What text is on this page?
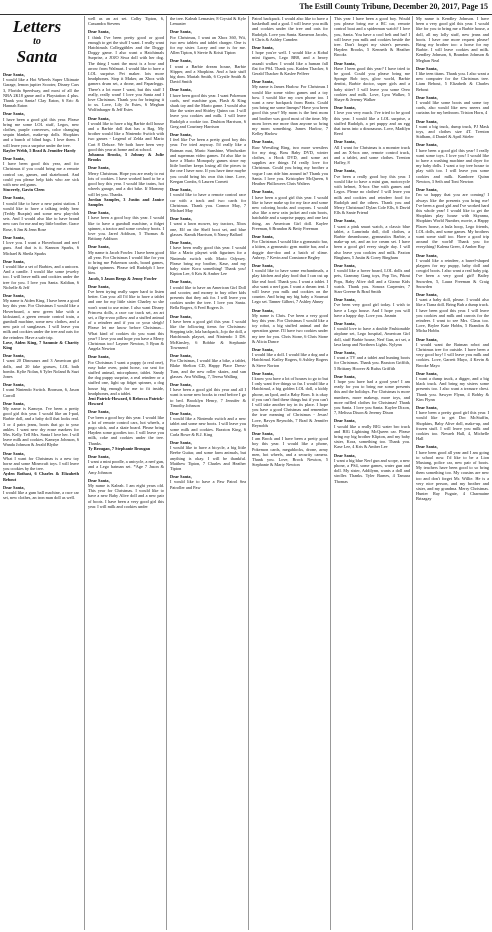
The Estill County Tribune, December 20, 2017, Page 15
Letters
to
Santa
Dear Santa,
I would like a Hot Wheels Super Ultimate Garage, lemon jupiter Scooter, Disney Cars 3, Florida Speedway, and most of all the NBA 2K18 game and a Playstation 4 plus. Thank you Santa! Clay Eaton, 6 Eric & Hannah Eaton
Dear Santa,
I have been a good girl this year. Please bring me some LOL stuff, Legos, new clothes, purple converses, color changing sequin blanket, make-up dolls. Shopkins and a bunch of blind bags. I love them. I will leave you a surprise under the tree.
Raylee Webb, 5 Brad & Jennifer Hardy
Dear Santa,
I have been good this year, and for Christmas if you could bring me a remote control car, games, and skateboard. And could you please help kids who are sick with new red gums.
Sincerely, Gavin Cleen
Dear Santa,
I would like to have a new paint station. I would like to have a talking teddy bear (Teddy Ruxpin) and some new play-doh sets. And I would also like to have brand new cars for me and my little brother. Grace Rose, 6 Jim & Jenn Rose
Dear Santa,
I love you. I want a Hoverboard and nerf guns. And that is it. Kannon Sparks, 6 Michael & Sheila Sparks
Dear Santa,
I would like a set of Barbies, and a unicorn. And a candle. I would like some jewelry too. I will leave milk and cookies under the tree for you. I love you Santa. Kaldian, 6 Nichelle & Jeff
Dear Santa,
My name is Aiden King. I have been a good boy this year. For Christmas I would like a Hoverboard, a new green bike with a kickstand, a green remote control train, a gumball machine, some new clothes, and a new pair of sunglasses. I will leave you milk and cookies under the tree and oats for the reindeer. Have a safe trip.
Love, Aiden King, 7 Sammie & Charity King
Dear Santa,
I want 20 Dinosaurs and 3 American girl dolls, and 20 fake grasses, LOL bath bombs. Kylie Nolan, 6 Tyler Noland & Suzi Jones
Dear Santa,
I want Nintendo Switch. Bronson, 6, Jason Carroll
Dear Santa,
My name is Kamryn. I've been a pretty good girl this year. I would like an I-pad, Barbie doll, and a baby doll that looks real. 3 or 4 pairs jeans, boots that go to your ankles. I want new dry erase markers for Mrs. Kelly. Tell Mrs. Santa I love her. I will leave milk and cookies. Kamryn Johnson, 6 Wanda Johnson & Jerald Blythe
Dear Santa,
What I want for Christmas is a new toy horse and some Minecraft toys. I will leave you cookies by the tree.
Ayden Bothast, 6 Charles & Elizabeth Bebout
Dear Santa,
I would like a gum ball machine, a race car set, new clothes, an iron man doll as well.
well as an art set. Colby Tipton, 6, Cassandra Stevens
Dear Santa,
I think I've been pretty good or good enough to get the stuff I want. I really want Hatchimals Colleggtibles and the Doggy Doggy game. I also want a Hatchimals Surprise, a JOJO Siwa doll with her dog. The thing I want the most is a bow and arrow from Walmart. I would like to have a LOL surprise. Pet maker. lots more headphones. Stop it Maker, an Xbox with gamers drum set, a drone, and Paparleggs. There's a lot more I want, but this stuff I really, really want! I love you Santa and I love Christmas. Thank you for bringing it to us. Love, Lily Jo Estes, 6 Meghan Wolfinbarger & Jeff Estes
Dear Santa,
I would like to have a big Barbie doll house and a Barbie doll that has a Bag. My brother would like a Nintendo Switch with two games - Legend of Zelda and Mario Cart 8 Deluxe. We both have been very good this year at home and at school.
Johanna Brooks, 5 Johnny & Julie Brooks
Dear Santa,
Merry Christmas. Hope you are ready to eat lots of cookies. I have worked hard to be a good boy this year. I would like trains, hot wheels garage, and a dirt bike. If Mommy will let you. Thanks.
Jordan Samples, 3 Justin and Janice Samples
Dear Santa,
I have been a good boy this year. I would like to have a gumball machine, a fidget spinner, a tractor and some cowboy boots. I love you. Jared Addison, 5 Thomas & Brittany Addison
Dear Santa,
My name is Jacob Fowler. I have been good all year. For Christmas I would like for you to bring me Pokemon cards, board games, fidget spinners. Please tell Rudolph I love him.
Jacob, 5 Jason Beegs & Jenny Fowler
Dear Santa,
I've been trying really super hard to listen better. Can you: all I'd like to have a tablet and one for my little sister Charley so she won't want to use mine. I also want Disney Princess dolls, a race car track set, an art set, a flip-a-zoo pillow and a stuffed animal of a reindeer and if you or your sleigh! Please let me know before Christmas... What kind of cookies do you want this year? I love you and hope you have a Merry Christmas too! Laynee Newton, 5 Ryan & Angela Newton
Dear Santa,
For Christmas I want a puppy (a real one), easy bake oven, paint horse, car seat for stuffed animal, microphone, tablet. Sandy the dog puppy surprise, a real reindeer or a stuffed one, light up fidget spinner, a dog house big enough for me to fit inside, headphones, and a tablet.
Jeni Patrick-Howard, 6 Rebecca Patrick-Howard
Dear Santa,
I've been a good boy this year. I would like a lot of remote control cars, hot wheels, a pogo stick, and a skate board. Please bring Hayden some goodies too. I will leave you milk, coke and cookies under the tree. Thanks.
Ty Brougan, 7 Stephanie Brougan
Dear Santa,
I want a mini poodle, a unicycle, a nerf gun, and a Lego batman set. *Age 7 Jason & Amy Johnson
Dear Santa,
My name is Kaleah. I am eight years old. This year for Christmas. I would like to have a new Baby Alive doll and a new pair of boots. I have been a very good girl this year. I will milk and cookies under
the tree. Kaleah Lemaster, 8 Crystal & Kyle Lemaster
Dear Santa,
For Christmas, I want an Xbox 360, Wii, two new tablets and tablet charger. One is for my sister. Lacey and one is for me. Allen Tipton, 6 Stevie & Kristi Tipton
Dear Santa,
I want a Barbie dream house, Barbie Slipper, and a Shopkins. And a hair stuff big dom. Mariah Smith, 6 Crystle Smith & David Smith
Dear Santa,
I have been good this year. I want Pokemon cards, nerf machine gun, Flash & King shark toy and the Mario game. I would also like the water and Shirley Quinn car. I will leave you cookies and milk. I will leave Rudolph a cookie too. Dashton Harrison, 6 Greg and Courtney Harrison
Dear Santa,
I feel like I've been a pretty good boy this year. I've tried anyway. I'd really like a Batman mat, Mario Sunshine, Windwaker and superman video games. I'd also like to have a Mario Monopoly games since my little brother keeps losing all the pieces to the one I have now. If you have time maybe you could bring his own this time. Love, Keegan Combs, 6 Lauren Cornett
Dear Santa,
I would like to have a remote control race car with a track and two cards for Christmas. Thank you. Connor May, 7 Michael May
Dear Santa,
I want a lawn mower, toy tractors, Xbox one, Elf on the Shelf boot set, and blue glasses. Kamik Harrison, 6 Nancy Ballard
Dear Santa,
I have been really good this year. I would like a Mario playset with figurines for a Nintendo switch with Mario Odyssey. Please bring my brother, Kase, and my baby sister Kora something! Thank you! Kipton Lee, 6 Kris & Amber Lee
Dear Santa,
I would like to have an American Girl Doll and scooter, and money to buy other kids presents that they ask for. I will leave you cookies under the tree. I love you Santa. Bella Rogers, 6 Fred Rogers Jr.
Dear Santa,
I have been a good girl this year. I would like the following items for Christmas: Stepping tale, lola backpack, Jojo the doll, a Hatchimals playset, and Nintendo 3 DS. McKinsley, 6 Bobbie & Stephanie Townsend
Dear Santa,
For Christmas, I would like a bike, a tablet, Blake Shelton CD, Happy Place Dress-Turn, and the new roller skates, and sun glasses. Ava Walling, 7, Teresa Walling
Dear Santa,
I have been a good girl this year and all I want is some new books to read before I go to bed. Brooklyn Henry, 7 Jennifer & Timothy Johnson
Dear Santa,
I would like a Nintendo switch and a new tablet and some new boots. I will leave you some milk and cookies. Braxton King, 6 Carla Bowe & B.J. King
Dear Santa,
I would like to have a bicycle, a big little Beebe Guitar, and some farm animals, but anything is okay. I will be thankful. Matthew Tipton, 7 Charles and Heather Tipton
Dear Santa,
I would like to have a Paw Patrol Sea Patroller and Paw
Patrol backpack. I would also like to have a basketball and a goal. I will leave you milk and cookies under the tree and oats for Rudolph. Love you Santa. Kameron Jacobs, 6 Chris & Ashley Camden
Dear Santa,
I hope you're well. I would like a Kobal mini figures, Lego BB8, and a heavy assault walker. I would like a human fall flat for PS4. Thank you. Kaiden Thacker, 6 Gerald Thacker & Kaslee Pelfeer
Dear Santa,
My name is James Harlow. For Christmas I would like some video games and a toy bow. I would like my own phone too. I want a new backpack from Beats. Could you bring me some lineups? Have you been good this year? My mom is the best mom and brother was good most of the time. My mom loves me more than anyone so bring my mom something. James Harlow, 7 Kelley Harlow
Dear Santa,
Raw Wrestling Ring, two more wrestlers for my ring, Boss Baby DVD, winter clothes, a Hook DVD, and some art supplies are things I'd really love for Christmas. Could you bring my brother a vogue I can ride him around in? Thank you Santa. I love you. Kristopher McQueen, 6 Heather Phillowees Chris Walters
Dear Santa,
I have been a good girl this year. I would like to have make up for my face and some new coloring books and crayons. I would also like a new rain jacket and rain boots, hatchable and a surprise puppy, and one last thing, an American Girl doll. Kaylee Freeman, 6 Brandon & Betty Freeman
Dear Santa,
For Christmas I would like a gymnastic bar, a kitten, a gymnastic gym mattie bar, and a doggie doe-doo and a batch of slime. Aubrey, 7 Kevin and Constance Begley
Dear Santa,
I would like to have some enchantimals, a play kitchen and play food that I can cut up like real food. Thank you. I want a tablet. I also want a nerf gun. I want a dream tent. I will leave you milk and cookies on the counter. And bring my big baby a Sounsat Lego set. Tanner Gilbert, 7 Ashley Abney
Dear Santa,
My name is Chris. I've been a very good boy this year. For Christmas I would like a toy robot, a big stuffed animal and the operation game. I'll have two cookies under my tree for you. Chris Stone, 6 Chris Stone & Alicia Dance
Dear Santa,
I would like a doll. I would like a dog and a Hatchimal. Kailey Rogers, 6 Ashley Rogers & Steve Norton
Dear Santa,
I know you have a lot of houses to go to but I only want five things so far. I would like a Hatchimal, a big golden LOL doll, a kiddy phone, an Ipod, and a Baby Born. It is okay if you can't find these things but if you can't I will take another toy in its place. I hope you have a good Christmas and remember the true meaning of Christmas - Jesus! Love, Ravyn Reynolds, 7 Brad & Jennifer Reynolds
Dear Santa,
I am Brock and I have been a pretty good boy this year. I would like a phone, Pokemon cards, megablocks, drone, army men, hot wheels, and a security camera. Thank you. Love, Brock Newton, 5 Stephanie & Marty Newton
This year I have been a good boy. Would you please bring me a RC car, remote control boat and a spiderman watch? I love you, Santa. You have a cool belt and hat! I will leave you milk and cookies beside the tree. Don't forget my sister's presents. Hayden Brooks, 5 Kenneth & Heather Brooks
Dear Santa,
Have I been good this year? I have tried to be good. Could you please bring me Sponge Bob toys, glow world, Barbie dentist, Barbie doctor, super girls and a baby sitter? I will leave you some Oreo cookies and milk. Love, Lyra Walker, 5 Shaye & Jeremy Walker
Dear Santa,
I love you very much. I've tried to be good this year. I would like a LOL surprise, a stuffed Rudolph, a pet puppy and an egg that turns into a dinosaurus. Love, Madilyn Reed
Dear Santa,
All I want for Christmas is a monster truck and an X-box one, remote control truck, and a tablet, and some clothes. Trenton Hafley, 8
Dear Santa,
I've been a really good boy this year. I would like to have a mini gun, motorcycle with helmet, X-box One with games and Legos. Please no clothes! I will leave you milk and cookies and reindeer food for Rudolph and the others. Thank you and Merry Christmas! Dylan Cole Ells, 6 David Ells & Sanie Friend
Dear Santa,
I want a pink smart watch, a classic blue tablet, a Lamrinda doll, doll clothes, a Barbie dreamhouse, gymnastics Barbie, a make-up set, and an ice cream set. I have been a good girl every single day. I will also leave you cookies and milk. Paxton Bingham, 5 Justin & Corey Bingham
Dear Santa,
I would like a hover board, LOL dolls and pets, Grammy Gang toys, Pop Tos, Pikmi Pops, Baby Alive doll and a Gizmo Kids watch. Thank you. Sonora Carpenter, 7 Starr Greene & Brad Smith
Dear Santa,
I've been very good girl today. I wish to have a Lego house. And I hope you will have a happy day. Love you. Jasmin
Dear Santa,
I would love to have a double Fashionable airplane set, Lego hospital, American Girl doll, stuff Barbie house, Nerf Gun, art set, a lava lamp and Northern Lights. Nylynn
Dear Santa,
I want a TV and a tablet and hunting boots for Christmas. Thank you. Braxton Griffith, 5 Brittany Hoover & Rufus Griffith
Dear Santa,
I hope you have had a good year! I am ready for you to bring me some presents this and the holidays. For Christmas is more numbers, more makeup, more toys, and more ruffled clothes for Christmas! Thank you Santa. I love you Santa. Kaylee Dixon, 7, Melissa Dixon & Jeremy Dixon
Dear Santa,
I would like a really BIG water bro truck and BIG Lightning McQueen car. Please bring my big brother Klipton, and my baby sister, Kora, something too. Thank you. Kase Lee, 4 Kris & Amber Lee
Dear Santa,
I want a big blue Nerf gun and scope, a new phone, a PS4, some games, water gun and doll. My sister, Addilynn, wants a doll and stroller. Thanks. Tyler Barnes, 4 Tamara Thomas
My name is Kendley Johnson. I have been a very good girl this year. I would like for you to bring me a Barbie house, a doll, all my lolly stuff, new jeans and boots. I have one more request please! Bring my brother too: a horse for my Barbie. I will leave cookies and milk. Kendley Johnson, 6, Brandon Johnson & Meghan Neal
Dear Santa,
I like teen titans. Thank you. I also want a new computer for the Christmas tree. Liam Bebout, 5 Elizabeth & Charles Bebout
Dear Santa,
I would like some boots and some toy cards, also would like new sneers and curtains for my bedroom. Triston Horn, 4
Dear Santa,
I want a big truck, dump truck, PJ Mask toys, and clothes size 4T. Trenton Stidham, 4 Daniel & April Stieler
Dear Santa,
I have been a good girl this year! I really want some toys. I love you! I would like to have a washing machine and dryer for my baby dolls. I want a toy tree house to play with too. I will leave you some cookies and milk. Kambree Quinn Newton, 3 Seth and Toni Newton
Dear Santa,
I'm so happy that you are coming! I always like the presents you bring me! I've been a good girl and I've worked hard this whole year! I would like to get the Shopkins play house with Skyanna, Shopkins World Number, movie, a Happy Places house, a hula hoop, Lego friends, LOL dolls, and some games. My brothers want some stuff too. Have a good trip around the world! Thank you for everything! Kalena Greer, 4 Amber Ray
Dear Santa,
I would like a reindeer, a barrel-shaped playpen for my puppy, baby doll and cowgirl boots. I also want a real baby pig. I've been a very good girl! Bailey Snowden, 5, Laura Freeman & Craig Snowden
Dear Santa,
I want a baby doll, please. I would also like a Tiana doll. Bring Bub a dump truck. I have been good this year. I will leave you cookies and milk and carrots for the reindeer. I want to see Mrs. Claus too. Love, Brylee Kate Hobbs, 5 Brandon & Micha Hobbs
Dear Santa,
I would want the Batman robot and Christmas tree for outside. I have been a very good boy! I will leave you milk and cookies. Love, Garrett Mayo, 4 Kevin & Brooke Mayo
Dear Santa,
I want a dump truck, a digger, and a big black truck. And bring my sisters some presents too. I also want a treasure chest. Thank you. Sawyer Flynn, 4 Bobby & Kim Flynn
Dear Santa,
I have been a pretty good girl this year. I would like to get Doc McStuffin, Shopkins, Baby Alive doll, make-up, and frozen stuff. I will leave you milk and cookies too. Nevaeh Hall, 4, Michelle Hall
Dear Santa,
I have been good all year and I am going to school now. I'd like to be a Lion Mustang, police car, new pair of boots. My teachers have been good to so bring them something too. My cousins are new too and don't forget Mr. Willie. He is a very nice person, and my brother and sister, and my grandma. Merry Christmas. Hunter Ray Fugate, 4 Charmaine Brizagay
